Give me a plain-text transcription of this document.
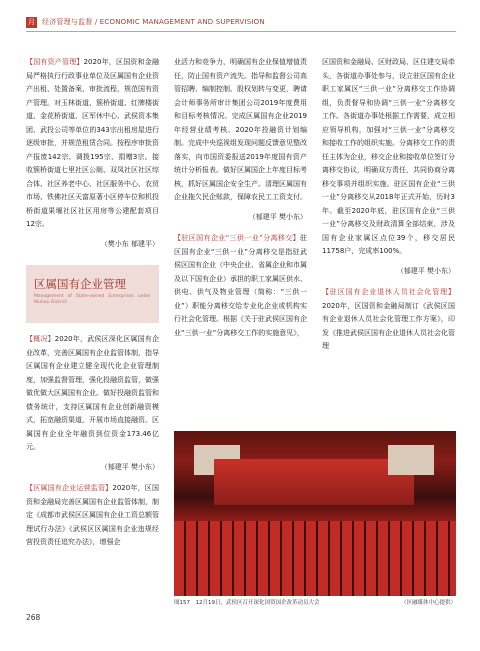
月 经济管理与监督 / ECONOMIC MANAGEMENT AND SUPERVISION

【国有资产管理】2020年，区国资和金融局严格执行行政事业单位及区属国有企业资产出租、处置备案、审批流程，规范国有资产管理。对玉林街道、簇桥街道、红牌楼街道、金花桥街道、区军休中心、武侯资本集团、武投公司等单位的343宗出租房屋进行逐级审批，并规范租赁合同。按程序审批资产报废142宗、调拨195宗、捐赠3宗。接收簇桥街道七里社区公厕、双凤社区社区综合体、社区养老中心、社区服务中心、农贸市场、铁佛社区天富原著小区停车位和机投桥街道果堰社区社区用房等公建配套项目12宗。

（樊小东 郁建平）
区属国有企业管理
Management of State-owned Enterprises under Wuhou District

【概况】2020年，武侯区深化区属国有企业改革，完善区属国有企业监管体制，指导区属国有企业建立健全现代化企业管理制度，加强监督管理，强化投融资监管，做强做优做大区属国有企业。做好投融资监管和债务统计，支持区属国有企业创新融资模式，拓宽融资渠道，开展市场直接融资。区属国有企业全年融资到位资金173.46亿元。

（郁建平 樊小东）

【区属国有企业运营监管】2020年，区国资和金融局完善区属国有企业监管体制，制定《成都市武侯区区属国有企业工资总额管理试行办法》《武侯区区属国有企业违规经营投资责任追究办法》，增强企

业活力和竞争力，明确国有企业保值增值责任，防止国有资产流失。指导和监督公司高管招聘、编制控制、股权划转与变更，聘请会计师事务所审计集团公司2019年度费用和目标考核情况。完成区属国有企业2019年经营业绩考核、2020年投融资计划编制。完成中央巡视组发现问题反馈意见整改落实，向市国资委报送2019年度国有资产统计分析报表。做好区属国企上年度目标考核，抓好区属国企安全生产。清理区属国有企业拖欠民企账款，保障农民工工资支付。

（郁建平 樊小东）

【驻区国有企业“三供一业”分离移交】驻区国有企业“三供一业”分离移交是指驻武侯区国有企业（中央企业、省属企业和市属及以下国有企业）承担的职工家属区供水、供电、供气及物业管理（简称：“三供一业”）职能分离移交给专业化企业或机构实行社会化管理。根据《关于驻武侯区国有企业“三供一业”分离移交工作的实施意见》，

区国资和金融局、区财政局、区住建交局牵头，各街道办事处参与，设立驻区国有企业职工家属区“三供一业”分离移交工作协调组，负责督导和协调“三供一业”分离移交工作。各街道办事处根据工作需要，成立相应领导机构，加强对“三供一业”分离移交和接收工作的组织实施。分离移交工作的责任主体为企业，移交企业和接收单位签订分离移交协议，明确双方责任，共同协商分离移交事项并组织实施。驻区国有企业“三供一业”分离移交从2018年正式开始，历时3年。截至2020年底，驻区国有企业“三供一业”分离移交及财政清算全部结束，涉及国有企业家属区点位39个，移交居民11758户，完成率100%。

（郁建平 樊小东）

【驻区国有企业退休人员社会化管理】2020年，区国资和金融局制订《武侯区国有企业退休人员社会化管理工作方案》，印发《推进武侯区国有企业退休人员社会化管理

图157　12月19日，武侯区召开深化国资国企改革动员大会	（区融媒体中心提供）
268
